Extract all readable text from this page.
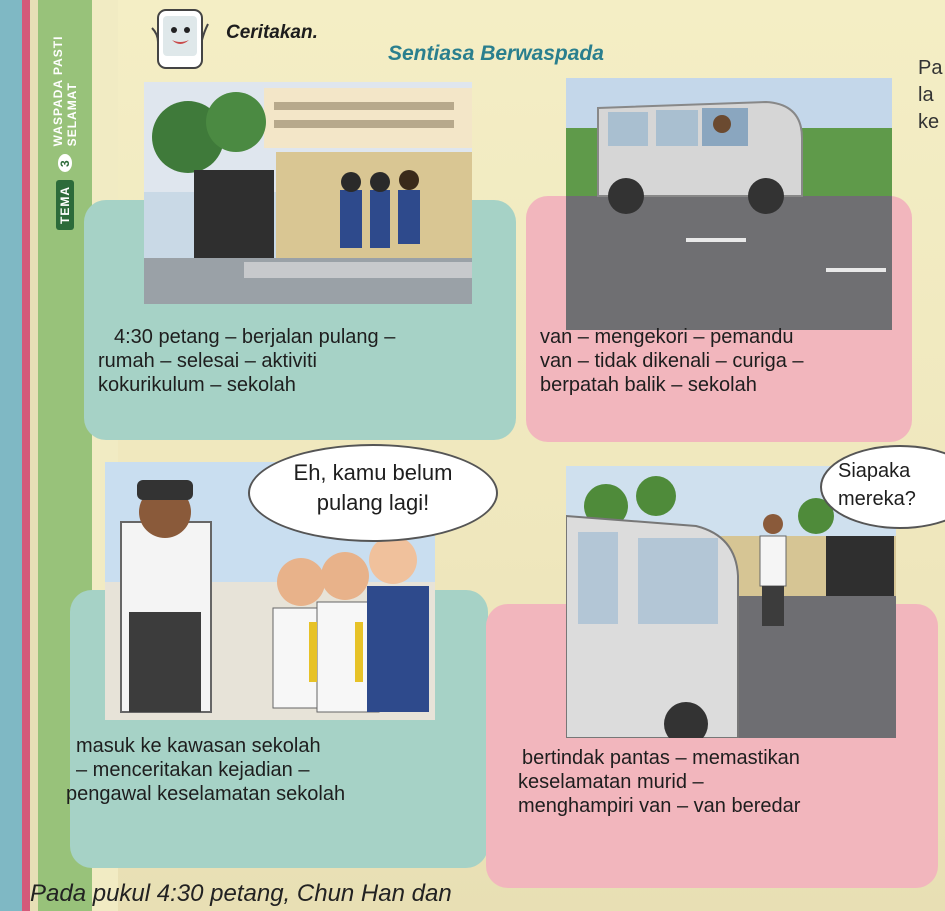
TEMA
3
WASPADA PASTI SELAMAT
Ceritakan.
Sentiasa Berwaspada
Pa
la
ke
4:30 petang – berjalan pulang –
rumah – selesai – aktiviti
kokurikulum – sekolah
van – mengekori – pemandu
van – tidak dikenali – curiga –
berpatah balik – sekolah
Eh, kamu belum
pulang lagi!
masuk ke kawasan sekolah
– menceritakan kejadian –
pengawal keselamatan sekolah
Siapaka
mereka?
bertindak pantas – memastikan
keselamatan murid –
menghampiri van – van beredar
Pada pukul 4:30 petang, Chun Han dan
